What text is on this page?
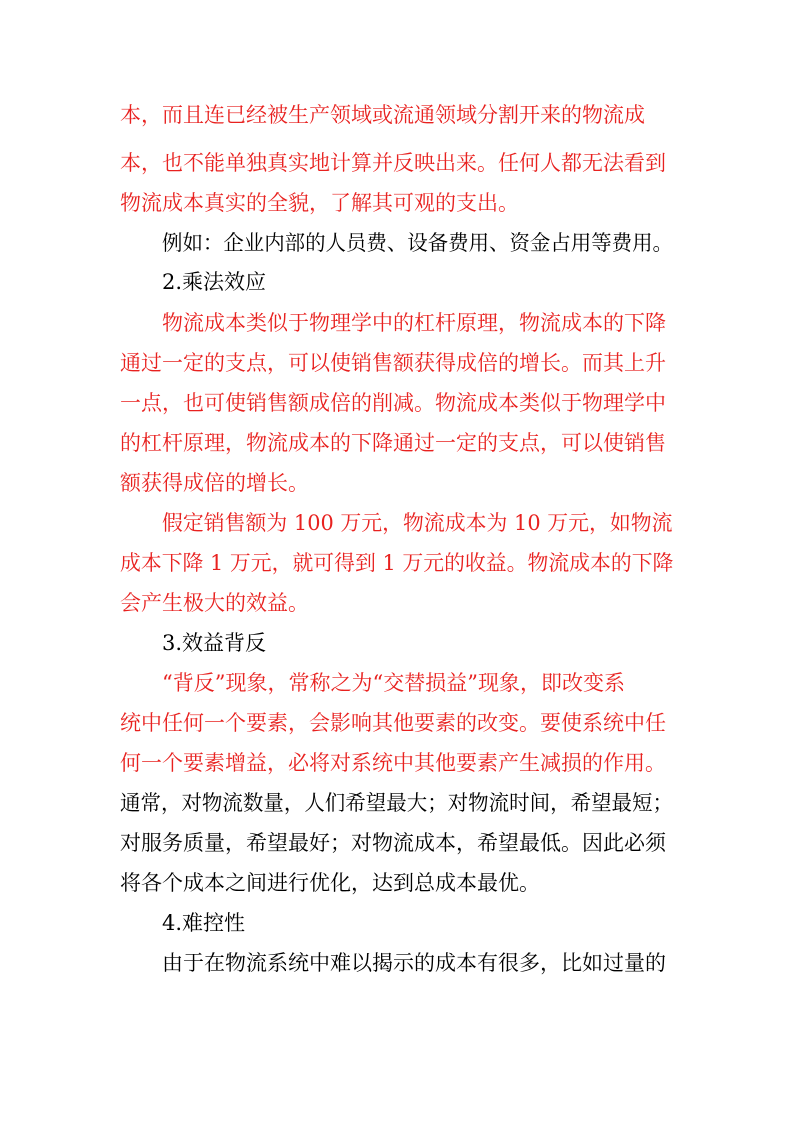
本，而且连已经被生产领域或流通领域分割开来的物流成
本，也不能单独真实地计算并反映出来。任何人都无法看到
物流成本真实的全貌，了解其可观的支出。
例如：企业内部的人员费、设备费用、资金占用等费用。
2.乘法效应
物流成本类似于物理学中的杠杆原理，物流成本的下降
通过一定的支点，可以使销售额获得成倍的增长。而其上升
一点，也可使销售额成倍的削减。物流成本类似于物理学中
的杠杆原理，物流成本的下降通过一定的支点，可以使销售
额获得成倍的增长。
假定销售额为 100 万元，物流成本为 10 万元，如物流
成本下降 1 万元，就可得到 1 万元的收益。物流成本的下降
会产生极大的效益。
3.效益背反
“背反”现象，常称之为“交替损益”现象，即改变系
统中任何一个要素，会影响其他要素的改变。要使系统中任
何一个要素增益，必将对系统中其他要素产生减损的作用。
通常，对物流数量，人们希望最大；对物流时间，希望最短；
对服务质量，希望最好；对物流成本，希望最低。因此必须
将各个成本之间进行优化，达到总成本最优。
4.难控性
由于在物流系统中难以揭示的成本有很多，比如过量的
